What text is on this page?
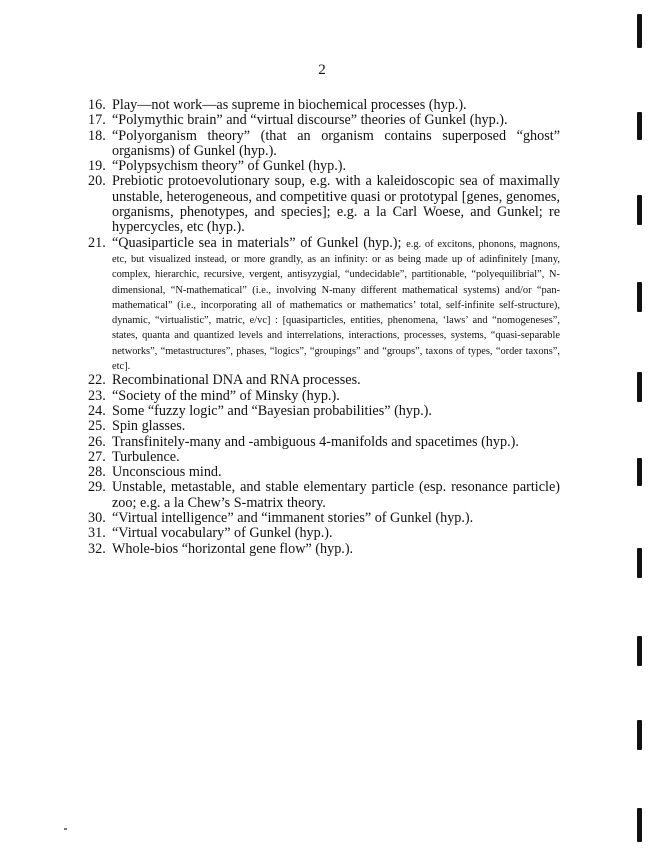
2
16. Play—not work—as supreme in biochemical processes (hyp.).
17. “Polymythic brain” and “virtual discourse” theories of Gunkel (hyp.).
18. “Polyorganism theory” (that an organism contains superposed “ghost” organisms) of Gunkel (hyp.).
19. “Polypsychism theory” of Gunkel (hyp.).
20. Prebiotic protoevolutionary soup, e.g. with a kaleidoscopic sea of maximally unstable, heterogeneous, and competitive quasi or prototypal [genes, genomes, organisms, phenotypes, and species]; e.g. a la Carl Woese, and Gunkel; re hypercycles, etc (hyp.).
21. “Quasiparticle sea in materials” of Gunkel (hyp.); e.g. of excitons, phonons, magnons, etc, but visualized instead, or more grandly, as an infinity: or as being made up of adinfinitely [many, complex, hierarchic, recursive, vergent, antisyzygial, “undecidable”, partitionable, “polyequilibrial”, N-dimensional, “N-mathematical” (i.e., involving N-many different mathematical systems) and/or “pan-mathematical” (i.e., incorporating all of mathematics or mathematics’ total, self-infinite self-structure), dynamic, “virtualistic”, matric, e/vc] : [quasiparticles, entities, phenomena, ‘laws’ and “nomogeneses”, states, quanta and quantized levels and interrelations, interactions, processes, systems, “quasi-separable networks”, “metastructures”, phases, “logics”, “groupings” and “groups”, taxons of types, “order taxons”, etc].
22. Recombinational DNA and RNA processes.
23. “Society of the mind” of Minsky (hyp.).
24. Some “fuzzy logic” and “Bayesian probabilities” (hyp.).
25. Spin glasses.
26. Transfinitely-many and -ambiguous 4-manifolds and spacetimes (hyp.).
27. Turbulence.
28. Unconscious mind.
29. Unstable, metastable, and stable elementary particle (esp. resonance particle) zoo; e.g. a la Chew’s S-matrix theory.
30. “Virtual intelligence” and “immanent stories” of Gunkel (hyp.).
31. “Virtual vocabulary” of Gunkel (hyp.).
32. Whole-bios “horizontal gene flow” (hyp.).
